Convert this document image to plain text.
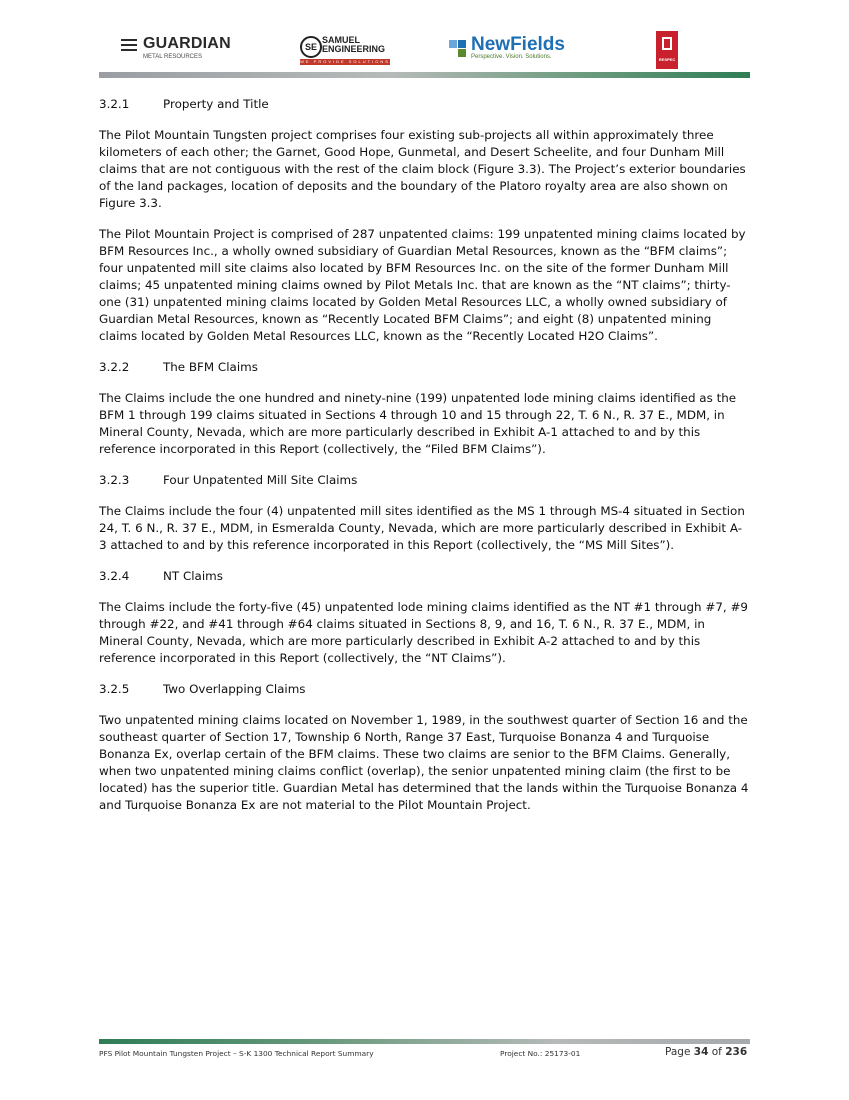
GUARDIAN
METAL RESOURCES
SE
SAMUEL
ENGINEERING
WE PROVIDE SOLUTIONS
NewFields
Perspective. Vision. Solutions.	RESPEC
3.2.1	Property and Title

The Pilot Mountain Tungsten project comprises four existing sub-projects all within approximately three kilometers of each other; the Garnet, Good Hope, Gunmetal, and Desert Scheelite, and four Dunham Mill claims that are not contiguous with the rest of the claim block (Figure 3.3). The Project’s exterior boundaries of the land packages, location of deposits and the boundary of the Platoro royalty area are also shown on Figure 3.3.

The Pilot Mountain Project is comprised of 287 unpatented claims: 199 unpatented mining claims located by BFM Resources Inc., a wholly owned subsidiary of Guardian Metal Resources, known as the “BFM claims”; four unpatented mill site claims also located by BFM Resources Inc. on the site of the former Dunham Mill claims; 45 unpatented mining claims owned by Pilot Metals Inc. that are known as the “NT claims”; thirty-one (31) unpatented mining claims located by Golden Metal Resources LLC, a wholly owned subsidiary of Guardian Metal Resources, known as “Recently Located BFM Claims”; and eight (8) unpatented mining claims located by Golden Metal Resources LLC, known as the “Recently Located H2O Claims”.

3.2.2	The BFM Claims

The Claims include the one hundred and ninety-nine (199) unpatented lode mining claims identified as the BFM 1 through 199 claims situated in Sections 4 through 10 and 15 through 22, T. 6 N., R. 37 E., MDM, in Mineral County, Nevada, which are more particularly described in Exhibit A-1 attached to and by this reference incorporated in this Report (collectively, the “Filed BFM Claims”).

3.2.3	Four Unpatented Mill Site Claims

The Claims include the four (4) unpatented mill sites identified as the MS 1 through MS-4 situated in Section 24, T. 6 N., R. 37 E., MDM, in Esmeralda County, Nevada, which are more particularly described in Exhibit A-3 attached to and by this reference incorporated in this Report (collectively, the “MS Mill Sites”).

3.2.4	NT Claims

The Claims include the forty-five (45) unpatented lode mining claims identified as the NT #1 through #7, #9 through #22, and #41 through #64 claims situated in Sections 8, 9, and 16, T. 6 N., R. 37 E., MDM, in Mineral County, Nevada, which are more particularly described in Exhibit A-2 attached to and by this reference incorporated in this Report (collectively, the “NT Claims”).

3.2.5	Two Overlapping Claims

Two unpatented mining claims located on November 1, 1989, in the southwest quarter of Section 16 and the southeast quarter of Section 17, Township 6 North, Range 37 East, Turquoise Bonanza 4 and Turquoise Bonanza Ex, overlap certain of the BFM claims. These two claims are senior to the BFM Claims. Generally, when two unpatented mining claims conflict (overlap), the senior unpatented mining claim (the first to be located) has the superior title. Guardian Metal has determined that the lands within the Turquoise Bonanza 4 and Turquoise Bonanza Ex are not material to the Pilot Mountain Project.

PFS Pilot Mountain Tungsten Project – S-K 1300 Technical Report Summary	Project No.: 25173-01	Page 34 of 236
